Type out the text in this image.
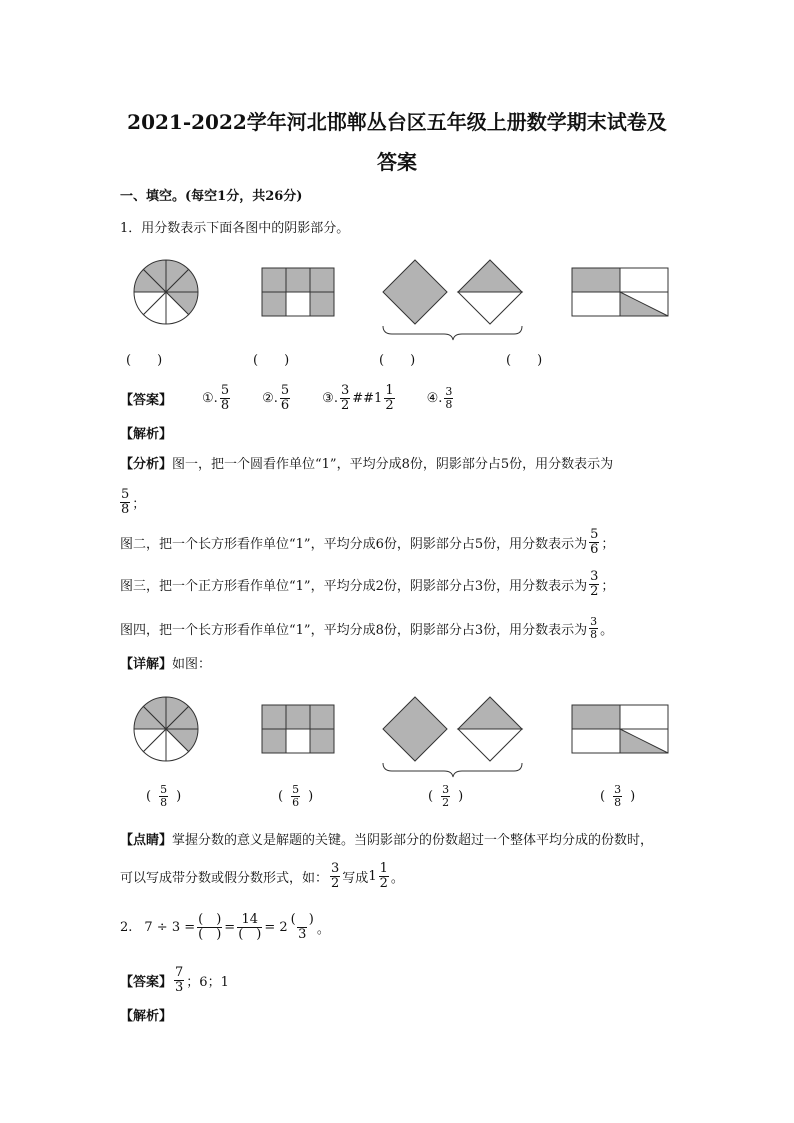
2021-2022学年河北邯郸丛台区五年级上册数学期末试卷及
答案
一、填空。(每空1分，共26分)
1．用分数表示下面各图中的阴影部分。
(　　)	(　　)	(　　)	(　　)
【答案】 ①. $\frac{5}{8}$ ②. $\frac{5}{6}$ ③. $\frac{3}{2}$ ## $1 \frac{1}{2}$ ④. $\frac{3}{8}$
【解析】
【分析】图一，把一个圆看作单位“1”，平均分成8份，阴影部分占5份，用分数表示为
$\frac{5}{8}$ ；
图二，把一个长方形看作单位“1”，平均分成6份，阴影部分占5份，用分数表示为 $\frac{5}{6}$ ；
图三，把一个正方形看作单位“1”，平均分成2份，阴影部分占3份，用分数表示为 $\frac{3}{2}$ ；
图四，把一个长方形看作单位“1”，平均分成8份，阴影部分占3份，用分数表示为 $\frac{3}{8}$ 。
【详解】如图：
( $\frac{5}{8}$ )	( $\frac{5}{6}$ )	( $\frac{3}{2}$ )	( $\frac{3}{8}$ )
【点睛】掌握分数的意义是解题的关键。当阴影部分的份数超过一个整体平均分成的份数时，
可以写成带分数或假分数形式，如： $\frac{3}{2}$ 写成 $1 \frac{1}{2}$ 。
2. $7 \div 3 = \frac{( )}{( )} = \frac{14}{( )} = 2 \frac{( )}{3}$ 。
【答案】 $\frac{7}{3}$ ；6；1
【解析】
